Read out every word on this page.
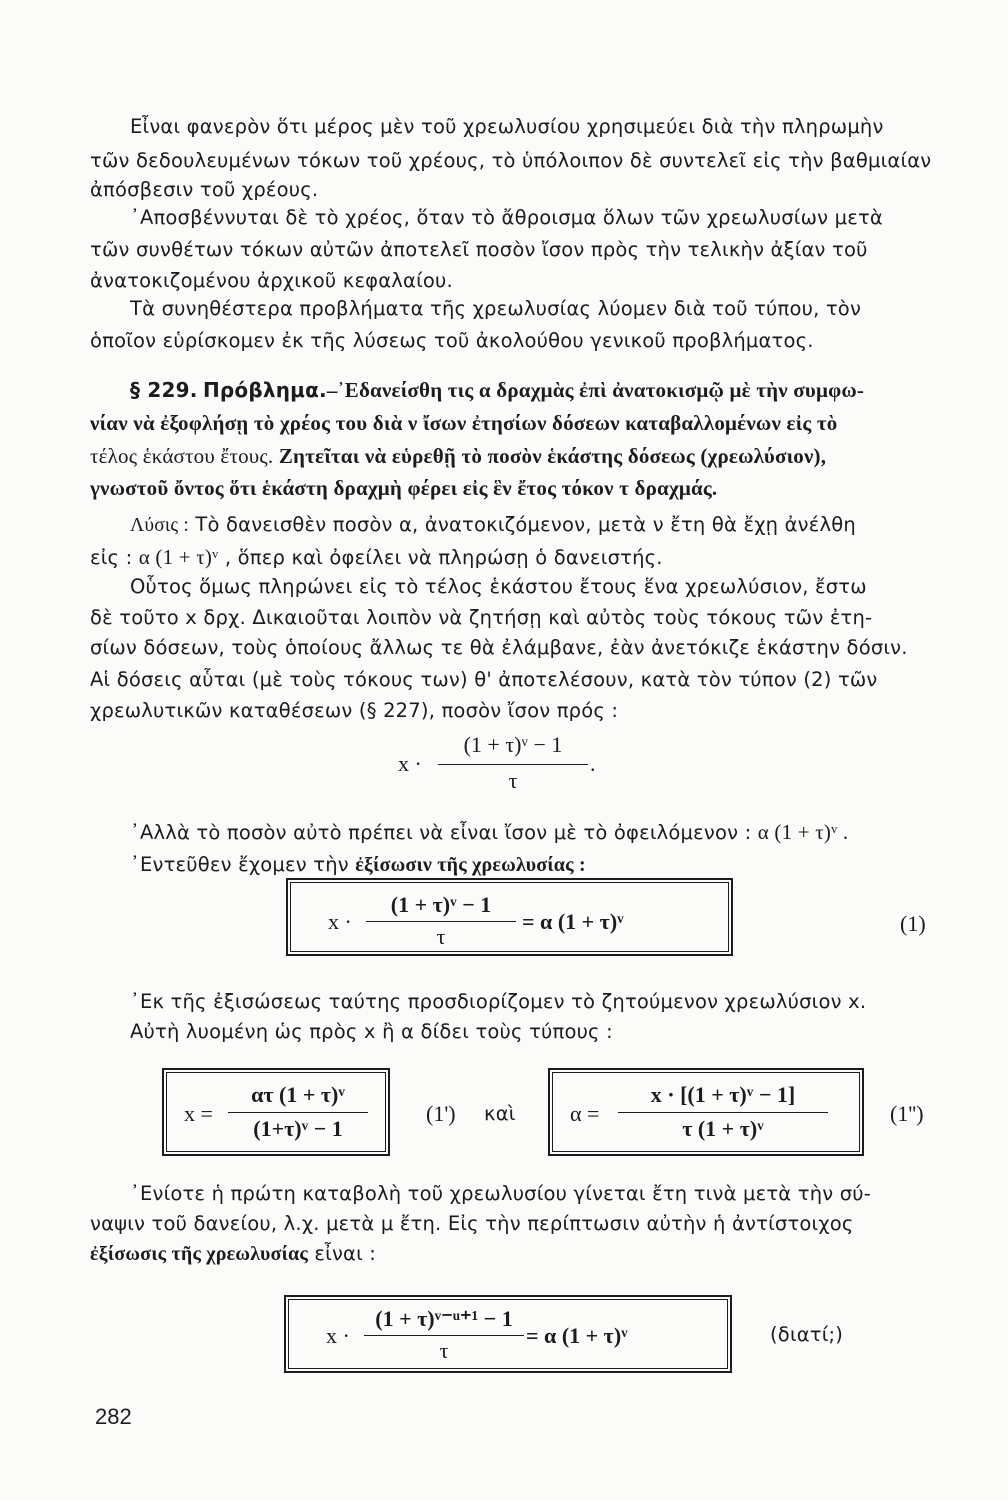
Εἶναι φανερὸν ὅτι μέρος μὲν τοῦ χρεωλυσίου χρησιμεύει διὰ τὴν πληρωμὴν
τῶν δεδουλευμένων τόκων τοῦ χρέους, τὸ ὑπόλοιπον δὲ συντελεῖ εἰς τὴν βαθμιαίαν
ἀπόσβεσιν τοῦ χρέους.
᾿Αποσβέννυται δὲ τὸ χρέος, ὅταν τὸ ἄθροισμα ὅλων τῶν χρεωλυσίων μετὰ
τῶν συνθέτων τόκων αὐτῶν ἀποτελεῖ ποσὸν ἴσον πρὸς τὴν τελικὴν ἀξίαν τοῦ
ἀνατοκιζομένου ἀρχικοῦ κεφαλαίου.
Τὰ συνηθέστερα προβλήματα τῆς χρεωλυσίας λύομεν διὰ τοῦ τύπου, τὸν
ὁποῖον εὑρίσκομεν ἐκ τῆς λύσεως τοῦ ἀκολούθου γενικοῦ προβλήματος.
§ 229. Πρόβλημα.–᾿Εδανείσθη τις α δραχμὰς ἐπὶ ἀνατοκισμῷ μὲ τὴν συμφω-
νίαν νὰ ἐξοφλήσῃ τὸ χρέος του διὰ ν ἴσων ἐτησίων δόσεων καταβαλλομένων εἰς τὸ
τέλος ἑκάστου ἔτους. Ζητεῖται νὰ εὑρεθῇ τὸ ποσὸν ἑκάστης δόσεως (χρεωλύσιον),
γνωστοῦ ὄντος ὅτι ἑκάστη δραχμὴ φέρει εἰς ἓν ἔτος τόκον τ δραχμάς.
Λύσις : Τὸ δανεισθὲν ποσὸν α, ἀνατοκιζόμενον, μετὰ ν ἔτη θὰ ἔχῃ ἀνέλθη
εἰς : α (1 + τ)ᵛ , ὅπερ καὶ ὀφείλει νὰ πληρώσῃ ὁ δανειστής.
Οὗτος ὅμως πληρώνει εἰς τὸ τέλος ἑκάστου ἔτους ἕνα χρεωλύσιον, ἔστω
δὲ τοῦτο x δρχ. Δικαιοῦται λοιπὸν νὰ ζητήσῃ καὶ αὐτὸς τοὺς τόκους τῶν ἐτη-
σίων δόσεων, τοὺς ὁποίους ἄλλως τε θὰ ἐλάμβανε, ἐὰν ἀνετόκιζε ἑκάστην δόσιν.
Αἱ δόσεις αὗται (μὲ τοὺς τόκους των) θ' ἀποτελέσουν, κατὰ τὸν τύπον (2) τῶν
χρεωλυτικῶν καταθέσεων (§ 227), ποσὸν ἴσον πρός :
x ·
(1 + τ)ᵛ − 1
τ
.
᾿Αλλὰ τὸ ποσὸν αὐτὸ πρέπει νὰ εἶναι ἴσον μὲ τὸ ὀφειλόμενον : α (1 + τ)ᵛ .
᾿Εντεῦθεν ἔχομεν τὴν ἐξίσωσιν τῆς χρεωλυσίας :
x ·
(1 + τ)ᵛ − 1
τ
= α (1 + τ)ᵛ	(1)
᾿Εκ τῆς ἐξισώσεως ταύτης προσδιορίζομεν τὸ ζητούμενον χρεωλύσιον x.
Αὐτὴ λυομένη ὡς πρὸς x ἢ α δίδει τοὺς τύπους :
x =
ατ (1 + τ)ᵛ
(1+τ)ᵛ − 1
(1') καὶ α =
x · [(1 + τ)ᵛ − 1]
τ (1 + τ)ᵛ
(1'')
᾿Ενίοτε ἡ πρώτη καταβολὴ τοῦ χρεωλυσίου γίνεται ἔτη τινὰ μετὰ τὴν σύ-
ναψιν τοῦ δανείου, λ.χ. μετὰ μ ἔτη. Εἰς τὴν περίπτωσιν αὐτὴν ἡ ἀντίστοιχος
ἐξίσωσις τῆς χρεωλυσίας εἶναι :
x ·
(1 + τ)ᵛ⁻ᵘ⁺¹ − 1
τ
= α (1 + τ)ᵛ	(διατί;)
282
